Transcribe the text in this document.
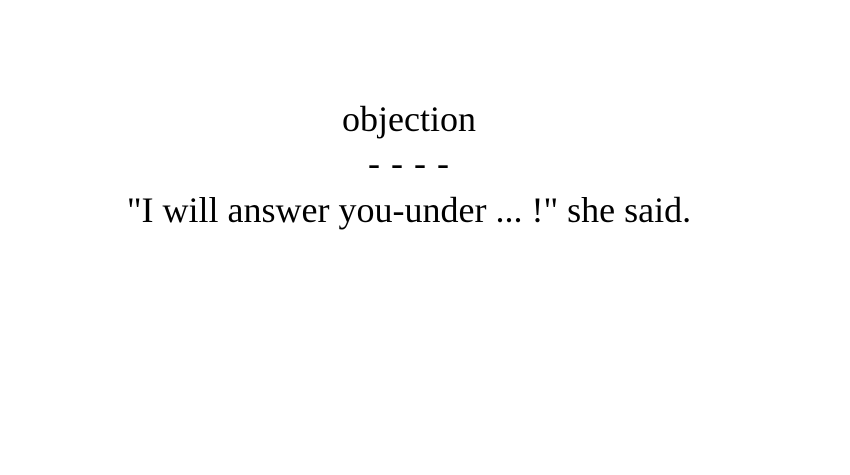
objection
- - - -
"I will answer you-under ... !" she said.
